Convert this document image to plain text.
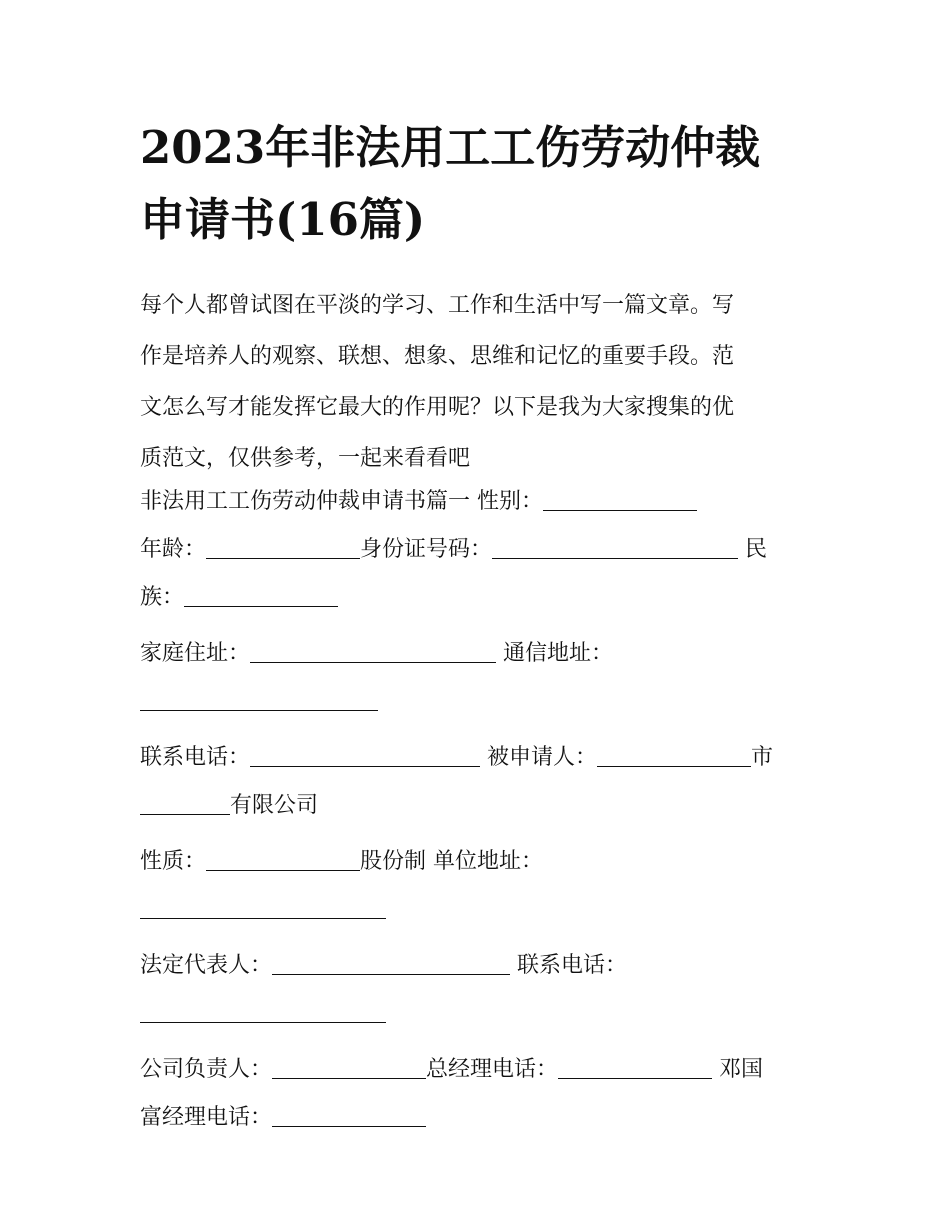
2023年非法用工工伤劳动仲裁
申请书(16篇)

每个人都曾试图在平淡的学习、工作和生活中写一篇文章。写
作是培养人的观察、联想、想象、思维和记忆的重要手段。范
文怎么写才能发挥它最大的作用呢？以下是我为大家搜集的优
质范文，仅供参考，一起来看看吧

非法用工工伤劳动仲裁申请书篇一 性别：
年龄：	身份证号码：	民
族：
家庭住址：	通信地址：
联系电话：	被申请人：	市
有限公司
性质：	股份制 单位地址：
法定代表人：	联系电话：
公司负责人：	总经理电话：	邓国
富经理电话：
